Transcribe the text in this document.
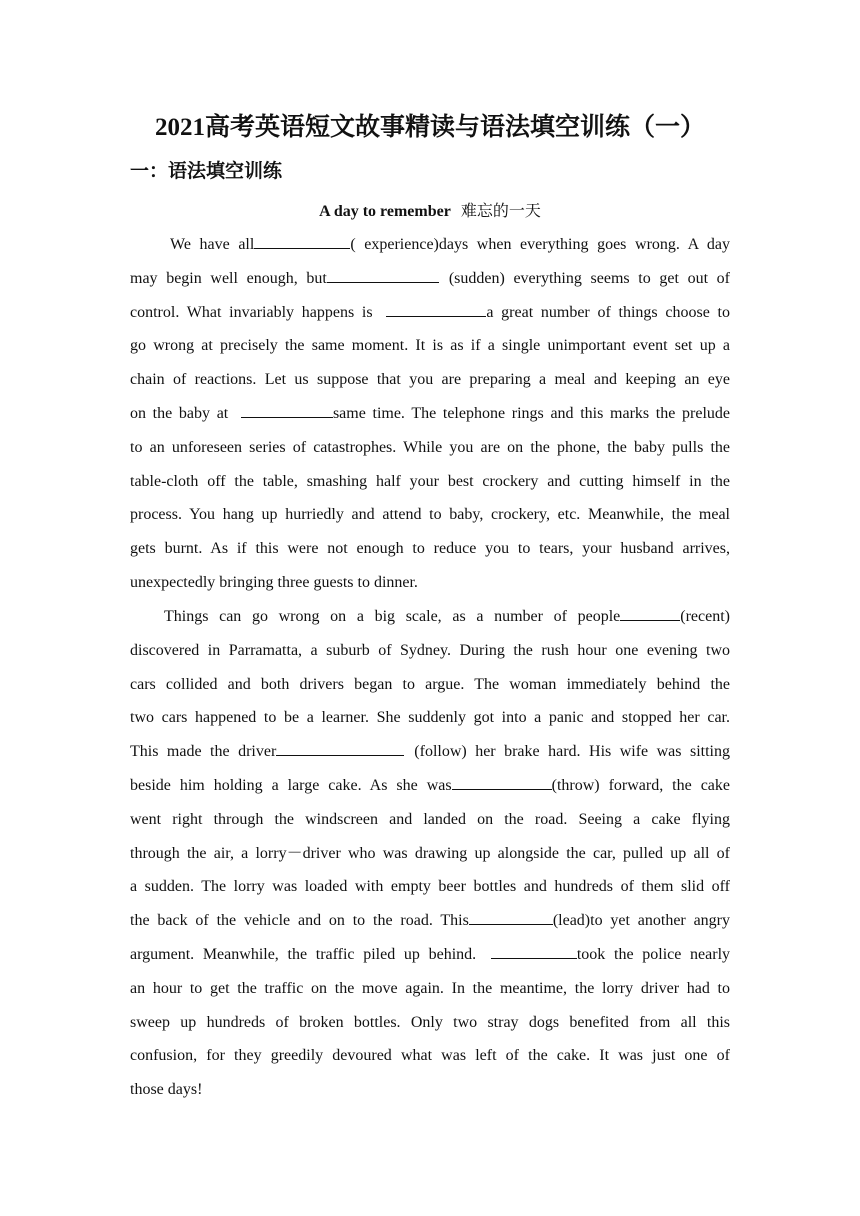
2021高考英语短文故事精读与语法填空训练（一）
一：语法填空训练
A day to remember 难忘的一天
We have all	( experience)days when everything goes wrong. A day
may begin well enough, but	(sudden) everything seems to get out of
control. What invariably happens is	a great number of things choose to
go wrong at precisely the same moment. It is as if a single unimportant event set up a
chain of reactions. Let us suppose that you are preparing a meal and keeping an eye
on the baby at	same time. The telephone rings and this marks the prelude
to an unforeseen series of catastrophes. While you are on the phone, the baby pulls the
table-cloth off the table, smashing half your best crockery and cutting himself in the
process. You hang up hurriedly and attend to baby, crockery, etc. Meanwhile, the meal
gets burnt. As if this were not enough to reduce you to tears, your husband arrives,
unexpectedly bringing three guests to dinner.
Things can go wrong on a big scale, as a number of people	(recent)
discovered in Parramatta, a suburb of Sydney. During the rush hour one evening two
cars collided and both drivers began to argue. The woman immediately behind the
two cars happened to be a learner. She suddenly got into a panic and stopped her car.
This made the driver	(follow) her brake hard. His wife was sitting
beside him holding a large cake. As she was	(throw) forward, the cake
went right through the windscreen and landed on the road. Seeing a cake flying
through the air, a lorry－driver who was drawing up alongside the car, pulled up all of
a sudden. The lorry was loaded with empty beer bottles and hundreds of them slid off
the back of the vehicle and on to the road. This	(lead)to yet another angry
argument. Meanwhile, the traffic piled up behind.	took the police nearly
an hour to get the traffic on the move again. In the meantime, the lorry driver had to
sweep up hundreds of broken bottles. Only two stray dogs benefited from all this
confusion, for they greedily devoured what was left of the cake. It was just one of
those days!
